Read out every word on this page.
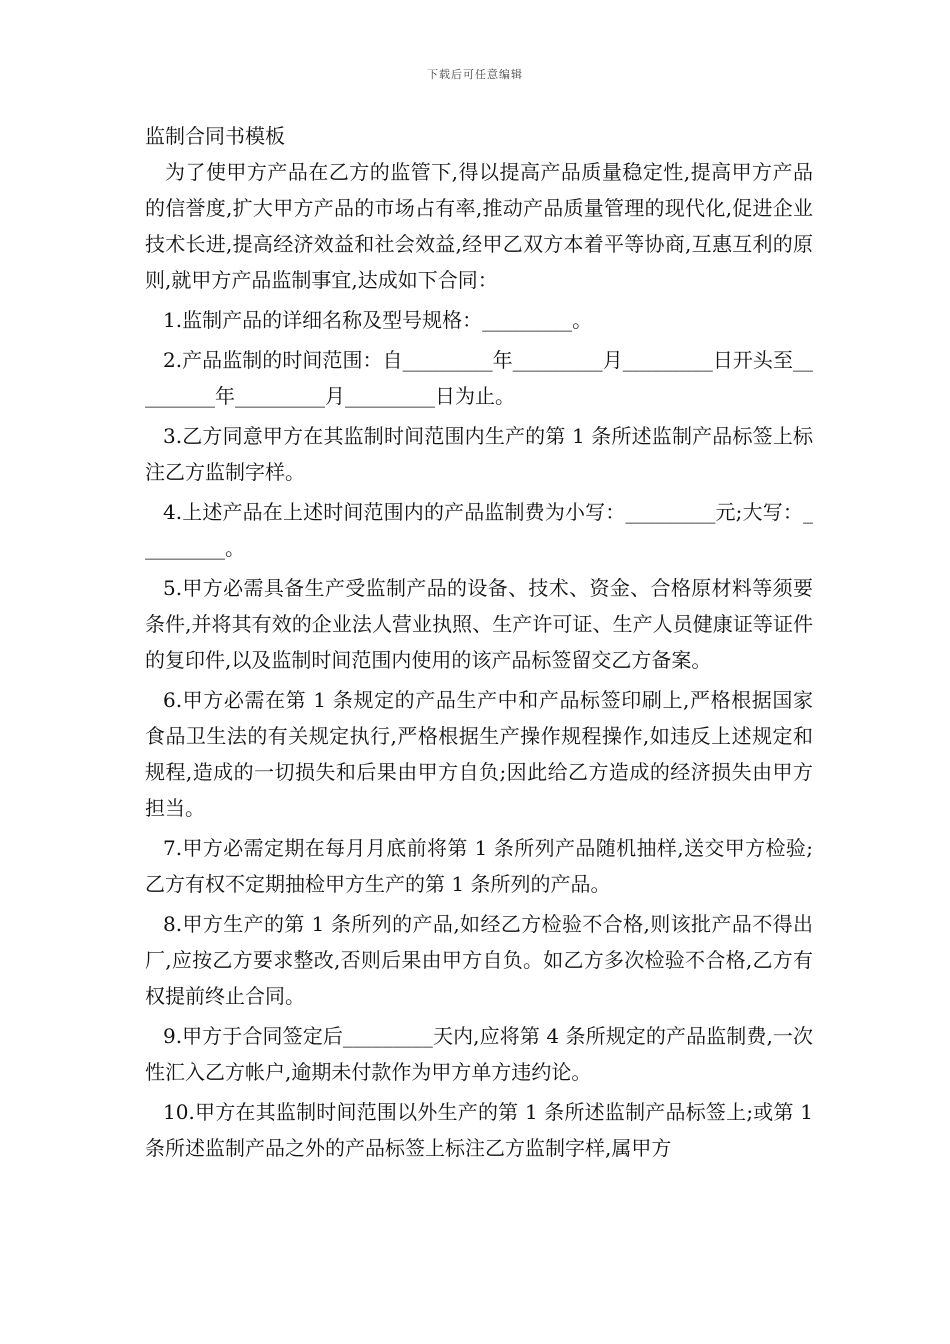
下载后可任意编辑
监制合同书模板

为了使甲方产品在乙方的监管下,得以提高产品质量稳定性,提高甲方产品的信誉度,扩大甲方产品的市场占有率,推动产品质量管理的现代化,促进企业技术长进,提高经济效益和社会效益,经甲乙双方本着平等协商,互惠互利的原则,就甲方产品监制事宜,达成如下合同：

1.监制产品的详细名称及型号规格：_________。

2.产品监制的时间范围：自_________年_________月_________日开头至_________年_________月_________日为止。

3.乙方同意甲方在其监制时间范围内生产的第 1 条所述监制产品标签上标注乙方监制字样。

4.上述产品在上述时间范围内的产品监制费为小写：_________元;大写：_________。

5.甲方必需具备生产受监制产品的设备、技术、资金、合格原材料等须要条件,并将其有效的企业法人营业执照、生产许可证、生产人员健康证等证件的复印件,以及监制时间范围内使用的该产品标签留交乙方备案。

6.甲方必需在第 1 条规定的产品生产中和产品标签印刷上,严格根据国家食品卫生法的有关规定执行,严格根据生产操作规程操作,如违反上述规定和规程,造成的一切损失和后果由甲方自负;因此给乙方造成的经济损失由甲方担当。

7.甲方必需定期在每月月底前将第 1 条所列产品随机抽样,送交甲方检验;乙方有权不定期抽检甲方生产的第 1 条所列的产品。

8.甲方生产的第 1 条所列的产品,如经乙方检验不合格,则该批产品不得出厂,应按乙方要求整改,否则后果由甲方自负。如乙方多次检验不合格,乙方有权提前终止合同。

9.甲方于合同签定后_________天内,应将第 4 条所规定的产品监制费,一次性汇入乙方帐户,逾期未付款作为甲方单方违约论。

10.甲方在其监制时间范围以外生产的第 1 条所述监制产品标签上;或第 1 条所述监制产品之外的产品标签上标注乙方监制字样,属甲方
